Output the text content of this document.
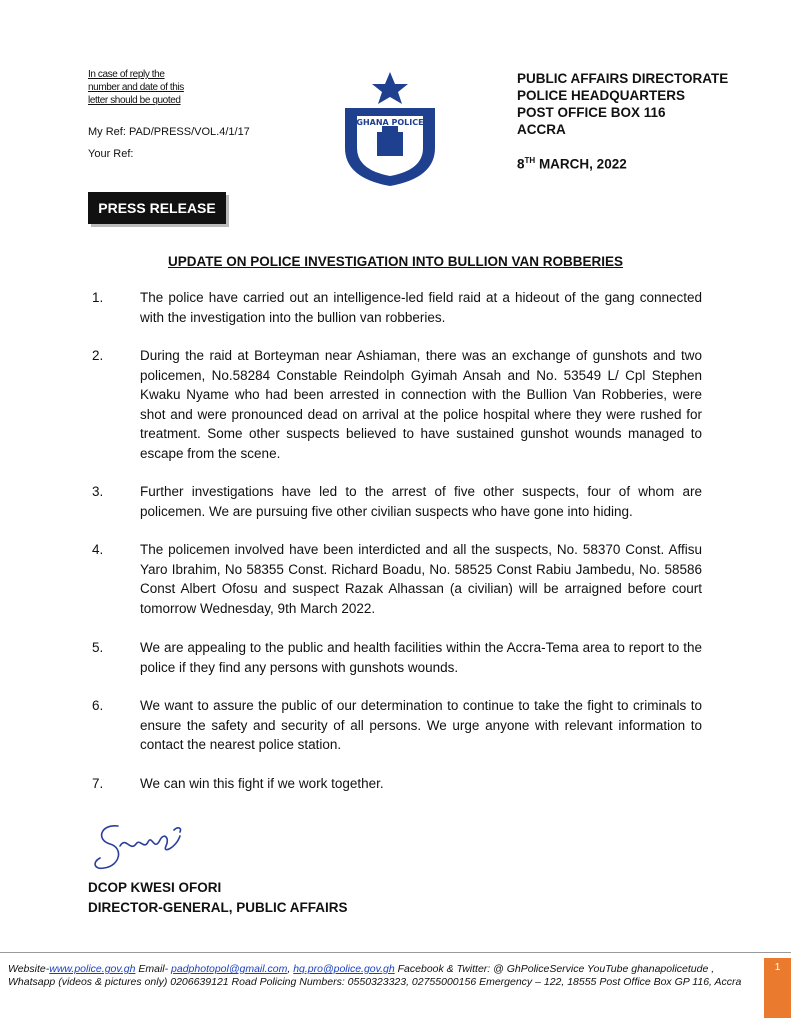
In case of reply the
number and date of this
letter should be quoted
My Ref: PAD/PRESS/VOL.4/1/17
Your Ref:
GHANA POLICE
PUBLIC AFFAIRS DIRECTORATE
POLICE HEADQUARTERS
POST OFFICE BOX 116
ACCRA
8TH MARCH, 2022
PRESS RELEASE
UPDATE ON POLICE INVESTIGATION INTO BULLION VAN ROBBERIES
1.	The police have carried out an intelligence-led field raid at a hideout of the gang connected with the investigation into the bullion van robberies.
2.	During the raid at Borteyman near Ashiaman, there was an exchange of gunshots and two policemen, No.58284 Constable Reindolph Gyimah Ansah and No. 53549 L/ Cpl Stephen Kwaku Nyame who had been arrested in connection with the Bullion Van Robberies, were shot and were pronounced dead on arrival at the police hospital where they were rushed for treatment. Some other suspects believed to have sustained gunshot wounds managed to escape from the scene.
3.	Further investigations have led to the arrest of five other suspects, four of whom are policemen. We are pursuing five other civilian suspects who have gone into hiding.
4.	The policemen involved have been interdicted and all the suspects, No. 58370 Const. Affisu Yaro Ibrahim, No 58355 Const. Richard Boadu, No. 58525 Const Rabiu Jambedu, No. 58586 Const Albert Ofosu and suspect Razak Alhassan (a civilian) will be arraigned before court tomorrow Wednesday, 9th March 2022.
5.	We are appealing to the public and health facilities within the Accra-Tema area to report to the police if they find any persons with gunshots wounds.
6.	We want to assure the public of our determination to continue to take the fight to criminals to ensure the safety and security of all persons. We urge anyone with relevant information to contact the nearest police station.
7.	We can win this fight if we work together.
DCOP KWESI OFORI
DIRECTOR-GENERAL, PUBLIC AFFAIRS
Website-www.police.gov.gh Email- padphotopol@gmail.com, hq.pro@police.gov.gh Facebook & Twitter: @ GhPoliceService YouTube ghanapolicetude , Whatsapp (videos & pictures only) 0206639121 Road Policing Numbers: 0550323323, 02755000156 Emergency – 122, 18555 Post Office Box GP 116, Accra
1
